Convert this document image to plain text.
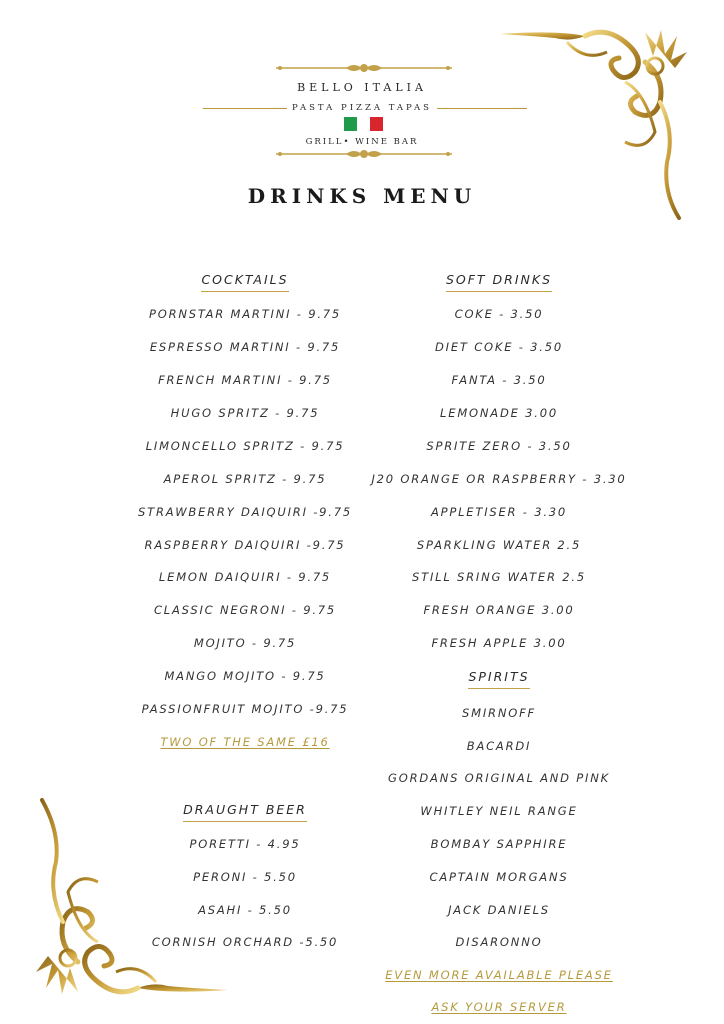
BELLO ITALIA
PASTA PIZZA TAPAS
GRILL• WINE BAR
DRINKS MENU
COCKTAILS
PORNSTAR MARTINI - 9.75
ESPRESSO MARTINI - 9.75
FRENCH MARTINI - 9.75
HUGO SPRITZ - 9.75
LIMONCELLO SPRITZ - 9.75
APEROL SPRITZ - 9.75
STRAWBERRY DAIQUIRI -9.75
RASPBERRY DAIQUIRI -9.75
LEMON DAIQUIRI - 9.75
CLASSIC NEGRONI - 9.75
MOJITO - 9.75
MANGO MOJITO - 9.75
PASSIONFRUIT MOJITO -9.75
TWO OF THE SAME £16
DRAUGHT BEER
PORETTI - 4.95
PERONI - 5.50
ASAHI - 5.50
CORNISH ORCHARD -5.50
SOFT DRINKS
COKE - 3.50
DIET COKE - 3.50
FANTA - 3.50
LEMONADE 3.00
SPRITE ZERO - 3.50
J20 ORANGE OR RASPBERRY - 3.30
APPLETISER - 3.30
SPARKLING WATER 2.5
STILL SRING WATER 2.5
FRESH ORANGE 3.00
FRESH APPLE 3.00
SPIRITS
SMIRNOFF
BACARDI
GORDANS ORIGINAL AND PINK
WHITLEY NEIL RANGE
BOMBAY SAPPHIRE
CAPTAIN MORGANS
JACK DANIELS
DISARONNO
EVEN MORE AVAILABLE PLEASE
ASK YOUR SERVER
